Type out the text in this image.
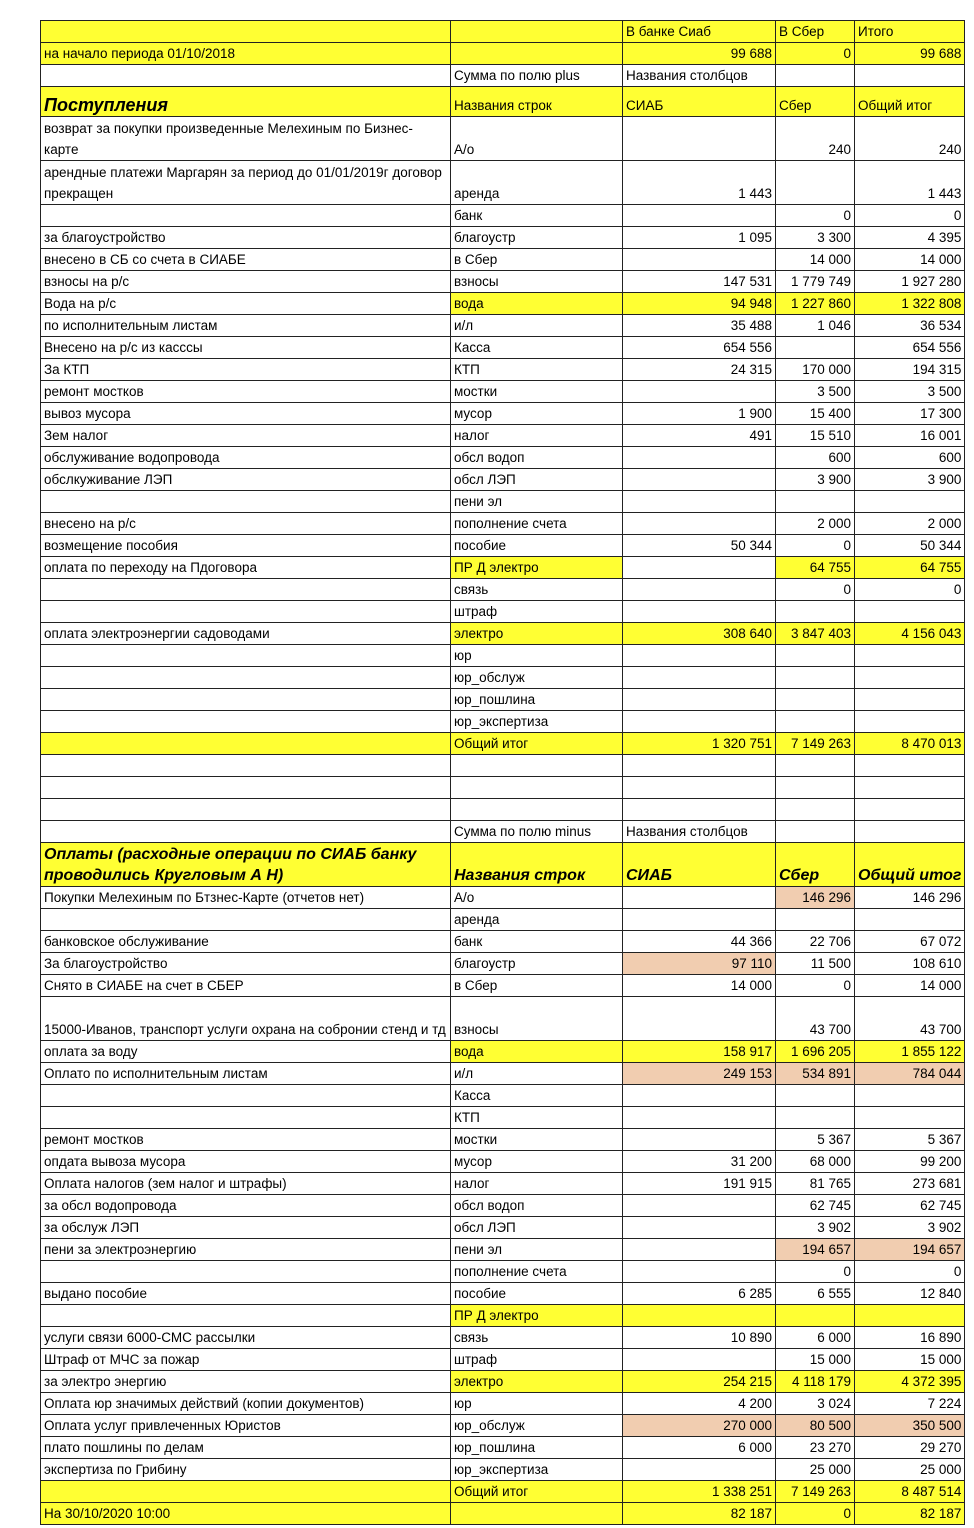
		В банке Сиаб	В Сбер	Итого
на начало периода 01/10/2018		99 688	0	99 688
	Сумма по полю plus	Названия столбцов		
Поступления	Названия строк	СИАБ	Сбер	Общий итог
возврат за покупки произведенные Мелехиным по Бизнес-карте	А/о		240	240
арендные платежи Маргарян за период до 01/01/2019г договор прекращен	аренда	1 443		1 443
	банк		0	0
за благоустройство	благоустр	1 095	3 300	4 395
внесено в СБ со счета в СИАБЕ	в Сбер		14 000	14 000
взносы на р/с	взносы	147 531	1 779 749	1 927 280
Вода на р/с	вода	94 948	1 227 860	1 322 808
по исполнительным листам	и/л	35 488	1 046	36 534
Внесено на р/с из касссы	Касса	654 556		654 556
За КТП	КТП	24 315	170 000	194 315
ремонт мостков	мостки		3 500	3 500
вывоз мусора	мусор	1 900	15 400	17 300
Зем налог	налог	491	15 510	16 001
обслуживание водопровода	обсл водоп		600	600
обслкуживание ЛЭП	обсл ЛЭП		3 900	3 900
	пени эл			
внесено на р/с	пополнение счета		2 000	2 000
возмещение пособия	пособие	50 344	0	50 344
оплата по переходу на Пдоговора	ПР Д электро		64 755	64 755
	связь		0	0
	штраф			
оплата электроэнергии садоводами	электро	308 640	3 847 403	4 156 043
	юр			
	юр_обслуж			
	юр_пошлина			
	юр_экспертиза			
	Общий итог	1 320 751	7 149 263	8 470 013

	Сумма по полю minus	Названия столбцов		
Оплаты (расходные операции по СИАБ банку проводились Кругловым А Н)	Названия строк	СИАБ	Сбер	Общий итог
Покупки Мелехиным по Бтзнес-Карте (отчетов нет)	А/о		146 296	146 296
	аренда			
банковское обслуживание	банк	44 366	22 706	67 072
За благоустройство	благоустр	97 110	11 500	108 610
Снято в СИАБЕ на счет в СБЕР	в Сбер	14 000	0	14 000
15000-Иванов, транспорт услуги охрана на собронии стенд и тд	взносы		43 700	43 700
оплата за воду	вода	158 917	1 696 205	1 855 122
Оплато по исполнительным листам	и/л	249 153	534 891	784 044
	Касса			
	КТП			
ремонт мостков	мостки		5 367	5 367
опдата вывоза мусора	мусор	31 200	68 000	99 200
Оплата налогов (зем налог и штрафы)	налог	191 915	81 765	273 681
за обсл водопровода	обсл водоп		62 745	62 745
за обслуж ЛЭП	обсл ЛЭП		3 902	3 902
пени за электроэнергию	пени эл		194 657	194 657
	пополнение счета		0	0
выдано пособие	пособие	6 285	6 555	12 840
	ПР Д электро			
услуги связи 6000-СМС рассылки	связь	10 890	6 000	16 890
Штраф от МЧС за пожар	штраф		15 000	15 000
за электро энергию	электро	254 215	4 118 179	4 372 395
Оплата юр значимых действий (копии документов)	юр	4 200	3 024	7 224
Оплата услуг привлеченных Юристов	юр_обслуж	270 000	80 500	350 500
плато пошлины по делам	юр_пошлина	6 000	23 270	29 270
экспертиза по Грибину	юр_экспертиза		25 000	25 000
	Общий итог	1 338 251	7 149 263	8 487 514
На 30/10/2020 10:00		82 187	0	82 187
